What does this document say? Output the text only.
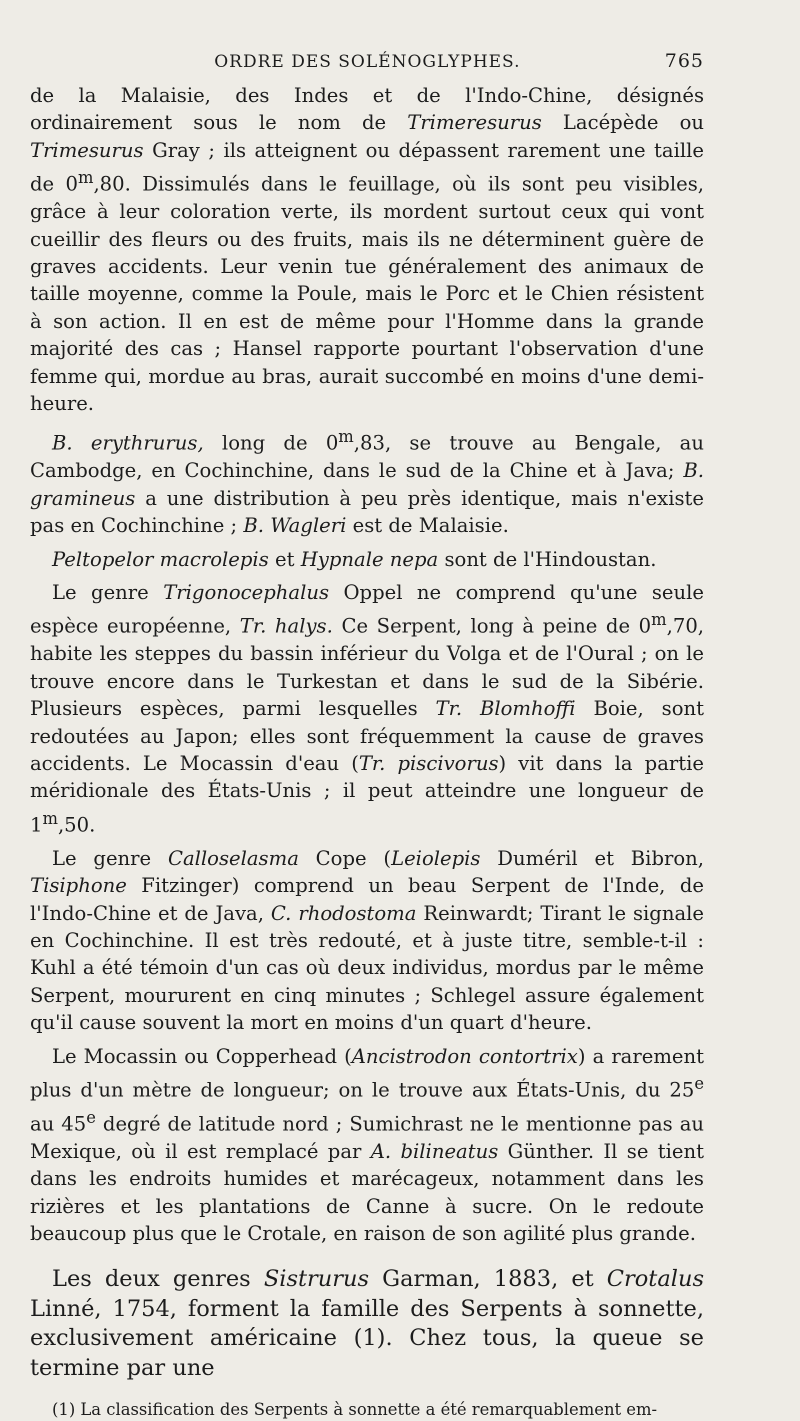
ORDRE DES SOLÉNOGLYPHES.	765

de la Malaisie, des Indes et de l'Indo-Chine, désignés ordinairement sous le nom de Trimeresurus Lacépède ou Trimesurus Gray ; ils atteignent ou dépassent rarement une taille de 0$^m$,80. Dissimulés dans le feuillage, où ils sont peu visibles, grâce à leur coloration verte, ils mordent surtout ceux qui vont cueillir des fleurs ou des fruits, mais ils ne déterminent guère de graves accidents. Leur venin tue généralement des animaux de taille moyenne, comme la Poule, mais le Porc et le Chien résistent à son action. Il en est de même pour l'Homme dans la grande majorité des cas ; Hansel rapporte pourtant l'observation d'une femme qui, mordue au bras, aurait succombé en moins d'une demi-heure.

B. erythrurus, long de 0$^m$,83, se trouve au Bengale, au Cambodge, en Cochinchine, dans le sud de la Chine et à Java; B. gramineus a une distribution à peu près identique, mais n'existe pas en Cochinchine ; B. Wagleri est de Malaisie.

Peltopelor macrolepis et Hypnale nepa sont de l'Hindoustan.

Le genre Trigonocephalus Oppel ne comprend qu'une seule espèce européenne, Tr. halys. Ce Serpent, long à peine de 0$^m$,70, habite les steppes du bassin inférieur du Volga et de l'Oural ; on le trouve encore dans le Turkestan et dans le sud de la Sibérie. Plusieurs espèces, parmi lesquelles Tr. Blomhoffi Boie, sont redoutées au Japon; elles sont fréquemment la cause de graves accidents. Le Mocassin d'eau (Tr. piscivorus) vit dans la partie méridionale des États-Unis ; il peut atteindre une longueur de 1$^m$,50.

Le genre Calloselasma Cope (Leiolepis Duméril et Bibron, Tisiphone Fitzinger) comprend un beau Serpent de l'Inde, de l'Indo-Chine et de Java, C. rhodostoma Reinwardt; Tirant le signale en Cochinchine. Il est très redouté, et à juste titre, semble-t-il : Kuhl a été témoin d'un cas où deux individus, mordus par le même Serpent, moururent en cinq minutes ; Schlegel assure également qu'il cause souvent la mort en moins d'un quart d'heure.

Le Mocassin ou Copperhead (Ancistrodon contortrix) a rarement plus d'un mètre de longueur; on le trouve aux États-Unis, du 25e au 45e degré de latitude nord ; Sumichrast ne le mentionne pas au Mexique, où il est remplacé par A. bilineatus Günther. Il se tient dans les endroits humides et marécageux, notamment dans les rizières et les plantations de Canne à sucre. On le redoute beaucoup plus que le Crotale, en raison de son agilité plus grande.

Les deux genres Sistrurus Garman, 1883, et Crotalus Linné, 1754, forment la famille des Serpents à sonnette, exclusivement américaine (1). Chez tous, la queue se termine par une

(1) La classification des Serpents à sonnette a été remarquablement em-
